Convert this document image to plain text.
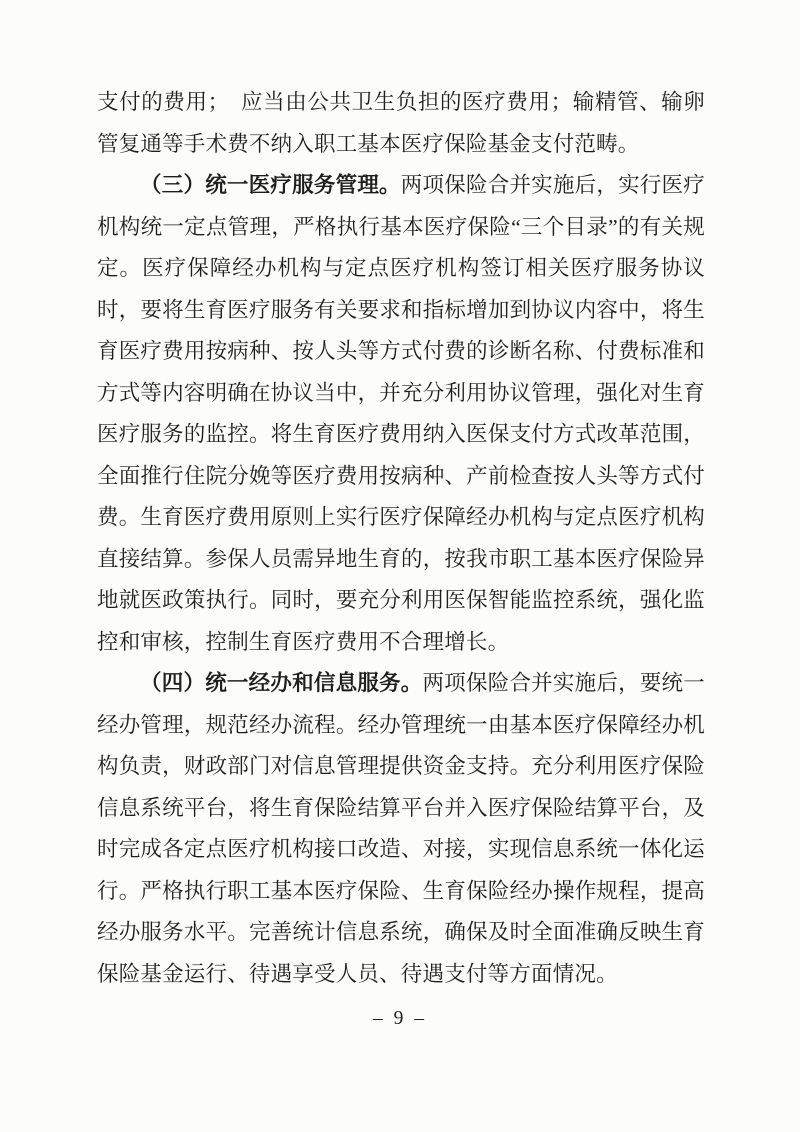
支付的费用；　应当由公共卫生负担的医疗费用；输精管、输卵管复通等手术费不纳入职工基本医疗保险基金支付范畴。

（三）统一医疗服务管理。两项保险合并实施后，实行医疗机构统一定点管理，严格执行基本医疗保险“三个目录”的有关规定。医疗保障经办机构与定点医疗机构签订相关医疗服务协议时，要将生育医疗服务有关要求和指标增加到协议内容中，将生育医疗费用按病种、按人头等方式付费的诊断名称、付费标准和方式等内容明确在协议当中，并充分利用协议管理，强化对生育医疗服务的监控。将生育医疗费用纳入医保支付方式改革范围，全面推行住院分娩等医疗费用按病种、产前检查按人头等方式付费。生育医疗费用原则上实行医疗保障经办机构与定点医疗机构直接结算。参保人员需异地生育的，按我市职工基本医疗保险异地就医政策执行。同时，要充分利用医保智能监控系统，强化监控和审核，控制生育医疗费用不合理增长。

（四）统一经办和信息服务。两项保险合并实施后，要统一经办管理，规范经办流程。经办管理统一由基本医疗保障经办机构负责，财政部门对信息管理提供资金支持。充分利用医疗保险信息系统平台，将生育保险结算平台并入医疗保险结算平台，及时完成各定点医疗机构接口改造、对接，实现信息系统一体化运行。严格执行职工基本医疗保险、生育保险经办操作规程，提高经办服务水平。完善统计信息系统，确保及时全面准确反映生育保险基金运行、待遇享受人员、待遇支付等方面情况。

– 9 –
